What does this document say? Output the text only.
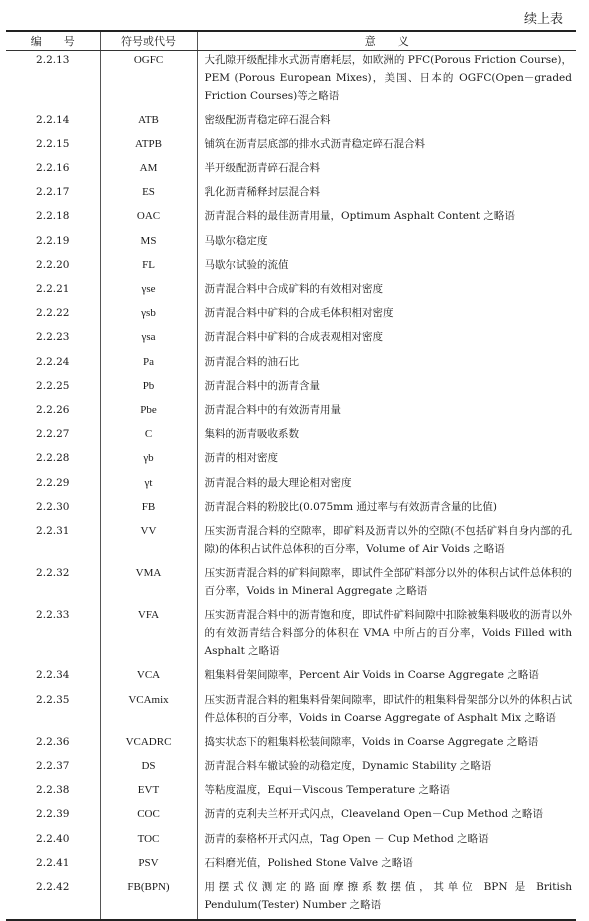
续上表
编　　号	符号或代号	意　　义
2.2.13	OGFC	大孔隙开级配排水式沥青磨耗层，如欧洲的 PFC(Porous Friction Course)，PEM (Porous European Mixes)，美国、日本的 OGFC(Open－graded Friction Courses)等之略语
2.2.14	ATB	密级配沥青稳定碎石混合料
2.2.15	ATPB	铺筑在沥青层底部的排水式沥青稳定碎石混合料
2.2.16	AM	半开级配沥青碎石混合料
2.2.17	ES	乳化沥青稀释封层混合料
2.2.18	OAC	沥青混合料的最佳沥青用量，Optimum Asphalt Content 之略语
2.2.19	MS	马歇尔稳定度
2.2.20	FL	马歇尔试验的流值
2.2.21	γse	沥青混合料中合成矿料的有效相对密度
2.2.22	γsb	沥青混合料中矿料的合成毛体积相对密度
2.2.23	γsa	沥青混合料中矿料的合成表观相对密度
2.2.24	Pa	沥青混合料的油石比
2.2.25	Pb	沥青混合料中的沥青含量
2.2.26	Pbe	沥青混合料中的有效沥青用量
2.2.27	C	集料的沥青吸收系数
2.2.28	γb	沥青的相对密度
2.2.29	γt	沥青混合料的最大理论相对密度
2.2.30	FB	沥青混合料的粉胶比(0.075mm 通过率与有效沥青含量的比值)
2.2.31	VV	压实沥青混合料的空隙率，即矿料及沥青以外的空隙(不包括矿料自身内部的孔隙)的体积占试件总体积的百分率，Volume of Air Voids 之略语
2.2.32	VMA	压实沥青混合料的矿料间隙率，即试件全部矿料部分以外的体积占试件总体积的百分率，Voids in Mineral Aggregate 之略语
2.2.33	VFA	压实沥青混合料中的沥青饱和度，即试件矿料间隙中扣除被集料吸收的沥青以外的有效沥青结合料部分的体积在 VMA 中所占的百分率，Voids Filled with Asphalt 之略语
2.2.34	VCA	粗集料骨架间隙率，Percent Air Voids in Coarse Aggregate 之略语
2.2.35	VCAmix	压实沥青混合料的粗集料骨架间隙率，即试件的粗集料骨架部分以外的体积占试件总体积的百分率，Voids in Coarse Aggregate of Asphalt Mix 之略语
2.2.36	VCADRC	捣实状态下的粗集料松装间隙率，Voids in Coarse Aggregate 之略语
2.2.37	DS	沥青混合料车辙试验的动稳定度，Dynamic Stability 之略语
2.2.38	EVT	等粘度温度，Equi－Viscous Temperature 之略语
2.2.39	COC	沥青的克利夫兰杯开式闪点，Cleaveland Open－Cup Method 之略语
2.2.40	TOC	沥青的泰格杯开式闪点，Tag Open － Cup Method 之略语
2.2.41	PSV	石料磨光值，Polished Stone Valve 之略语
2.2.42	FB(BPN)	用摆式仪测定的路面摩擦系数摆值，其单位 BPN 是 British Pendulum(Tester) Number 之略语
